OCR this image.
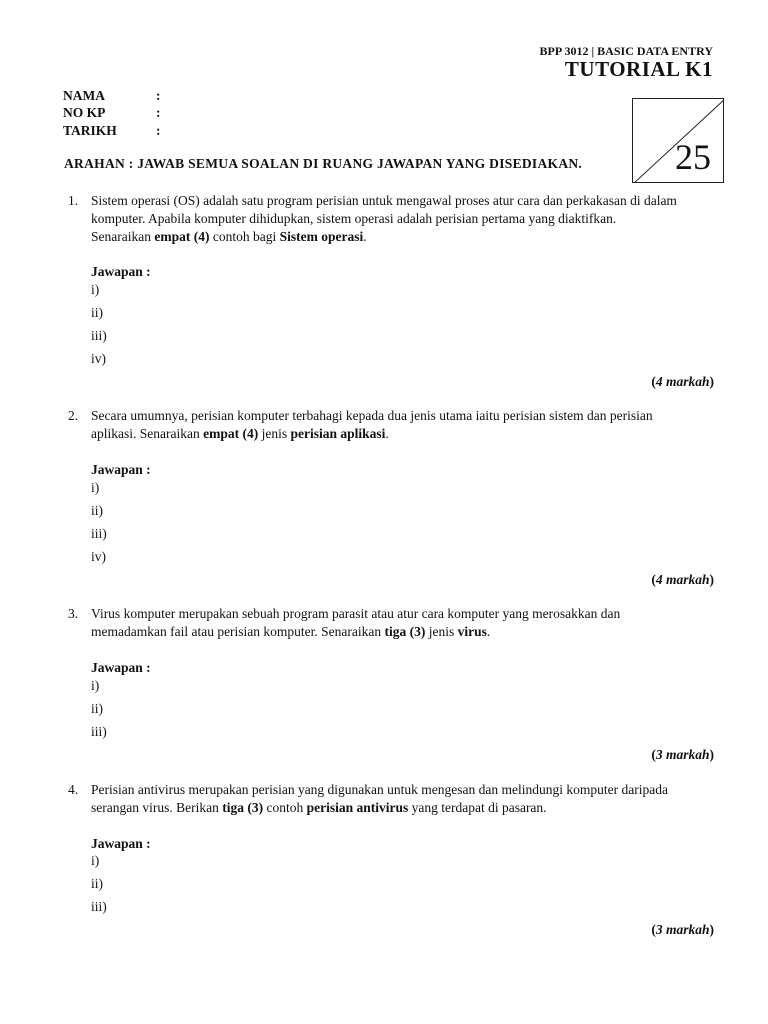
BPP 3012 | BASIC DATA ENTRY
TUTORIAL K1
NAMA	:
NO KP	:
TARIKH	:
25
ARAHAN : JAWAB SEMUA SOALAN DI RUANG JAWAPAN YANG DISEDIAKAN.
1. Sistem operasi (OS) adalah satu program perisian untuk mengawal proses atur cara dan perkakasan di dalam
komputer. Apabila komputer dihidupkan, sistem operasi adalah perisian pertama yang diaktifkan.
Senaraikan empat (4) contoh bagi Sistem operasi.
Jawapan :
i)
ii)
iii)
iv)
(4 markah)
2. Secara umumnya, perisian komputer terbahagi kepada dua jenis utama iaitu perisian sistem dan perisian
aplikasi. Senaraikan empat (4) jenis perisian aplikasi.
Jawapan :
i)
ii)
iii)
iv)
(4 markah)
3. Virus komputer merupakan sebuah program parasit atau atur cara komputer yang merosakkan dan
memadamkan fail atau perisian komputer. Senaraikan tiga (3) jenis virus.
Jawapan :
i)
ii)
iii)
(3 markah)
4. Perisian antivirus merupakan perisian yang digunakan untuk mengesan dan melindungi komputer daripada
serangan virus. Berikan tiga (3) contoh perisian antivirus yang terdapat di pasaran.
Jawapan :
i)
ii)
iii)
(3 markah)
